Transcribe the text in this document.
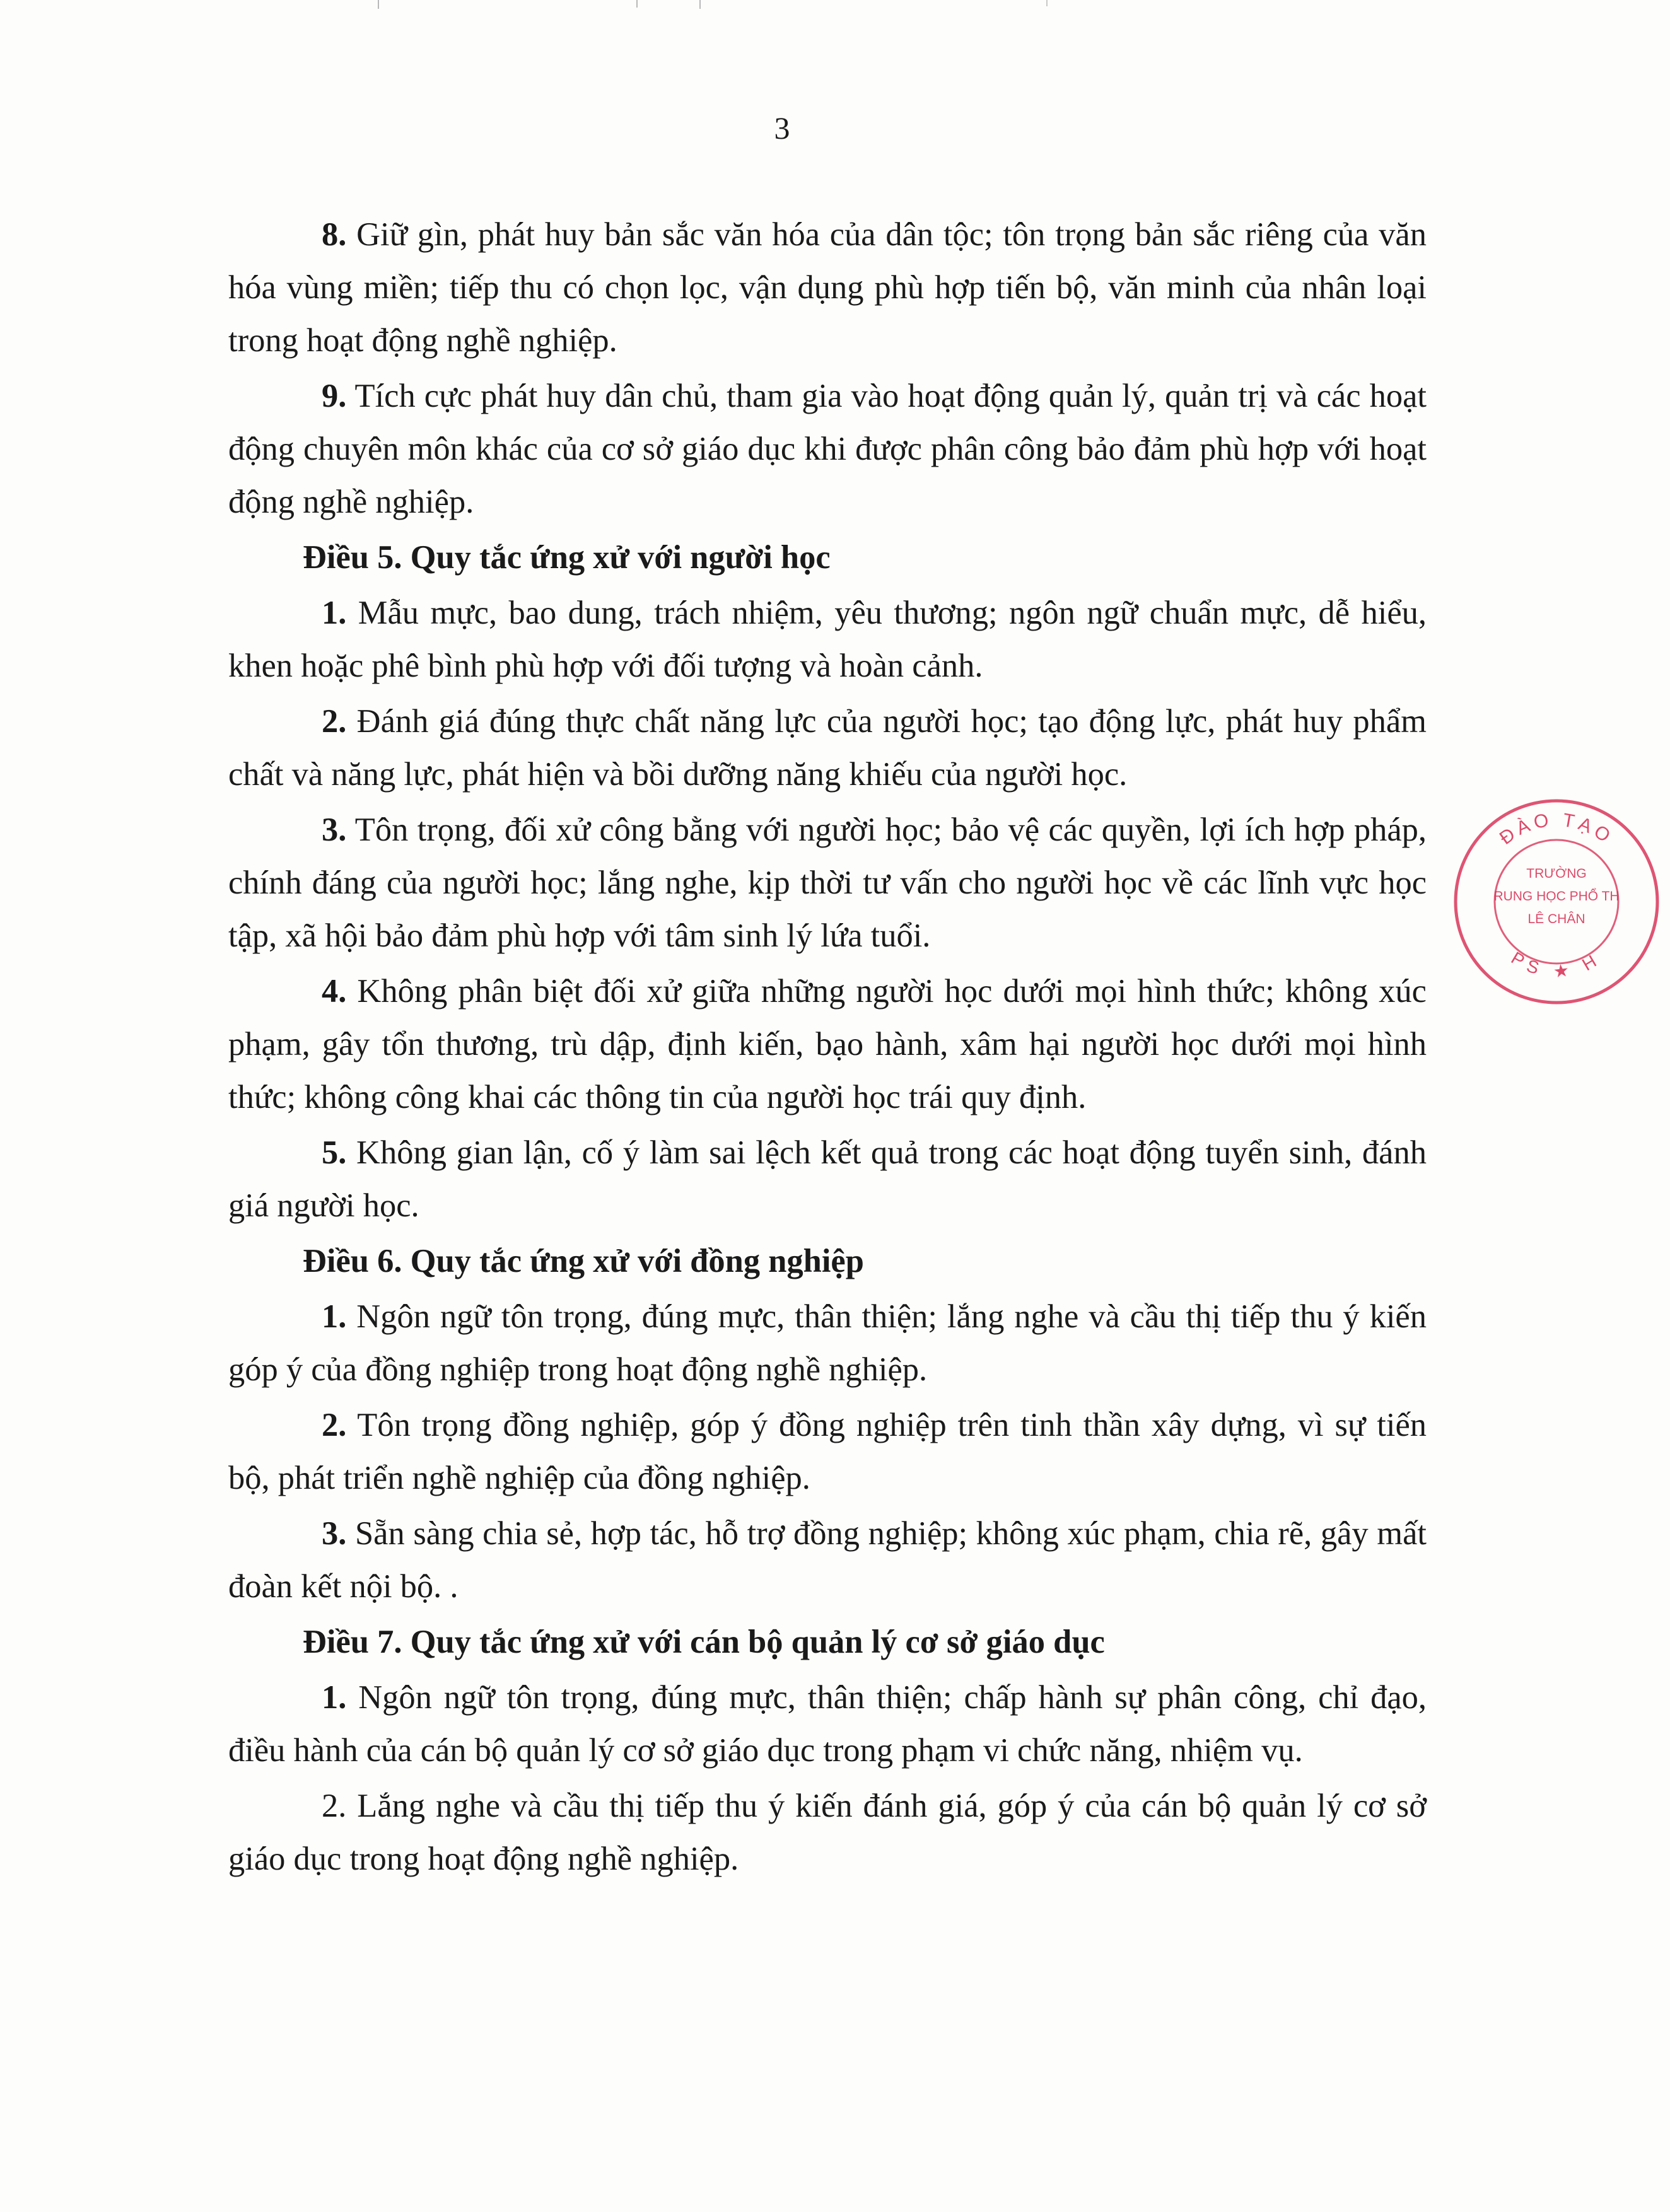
3

8. Giữ gìn, phát huy bản sắc văn hóa của dân tộc; tôn trọng bản sắc riêng của văn hóa vùng miền; tiếp thu có chọn lọc, vận dụng phù hợp tiến bộ, văn minh của nhân loại trong hoạt động nghề nghiệp.

9. Tích cực phát huy dân chủ, tham gia vào hoạt động quản lý, quản trị và các hoạt động chuyên môn khác của cơ sở giáo dục khi được phân công bảo đảm phù hợp với hoạt động nghề nghiệp.

Điều 5. Quy tắc ứng xử với người học

1. Mẫu mực, bao dung, trách nhiệm, yêu thương; ngôn ngữ chuẩn mực, dễ hiểu, khen hoặc phê bình phù hợp với đối tượng và hoàn cảnh.

2. Đánh giá đúng thực chất năng lực của người học; tạo động lực, phát huy phẩm chất và năng lực, phát hiện và bồi dưỡng năng khiếu của người học.

3. Tôn trọng, đối xử công bằng với người học; bảo vệ các quyền, lợi ích hợp pháp, chính đáng của người học; lắng nghe, kịp thời tư vấn cho người học về các lĩnh vực học tập, xã hội bảo đảm phù hợp với tâm sinh lý lứa tuổi.

4. Không phân biệt đối xử giữa những người học dưới mọi hình thức; không xúc phạm, gây tổn thương, trù dập, định kiến, bạo hành, xâm hại người học dưới mọi hình thức; không công khai các thông tin của người học trái quy định.

5. Không gian lận, cố ý làm sai lệch kết quả trong các hoạt động tuyển sinh, đánh giá người học.

Điều 6. Quy tắc ứng xử với đồng nghiệp

1. Ngôn ngữ tôn trọng, đúng mực, thân thiện; lắng nghe và cầu thị tiếp thu ý kiến góp ý của đồng nghiệp trong hoạt động nghề nghiệp.

2. Tôn trọng đồng nghiệp, góp ý đồng nghiệp trên tinh thần xây dựng, vì sự tiến bộ, phát triển nghề nghiệp của đồng nghiệp.

3. Sẵn sàng chia sẻ, hợp tác, hỗ trợ đồng nghiệp; không xúc phạm, chia rẽ, gây mất đoàn kết nội bộ. .

Điều 7. Quy tắc ứng xử với cán bộ quản lý cơ sở giáo dục

1. Ngôn ngữ tôn trọng, đúng mực, thân thiện; chấp hành sự phân công, chỉ đạo, điều hành của cán bộ quản lý cơ sở giáo dục trong phạm vi chức năng, nhiệm vụ.

2. Lắng nghe và cầu thị tiếp thu ý kiến đánh giá, góp ý của cán bộ quản lý cơ sở giáo dục trong hoạt động nghề nghiệp.

ĐÀO TẠO
TRƯỜNG
RUNG HỌC PHỔ TH
LÊ CHÂN
PS ★ H
